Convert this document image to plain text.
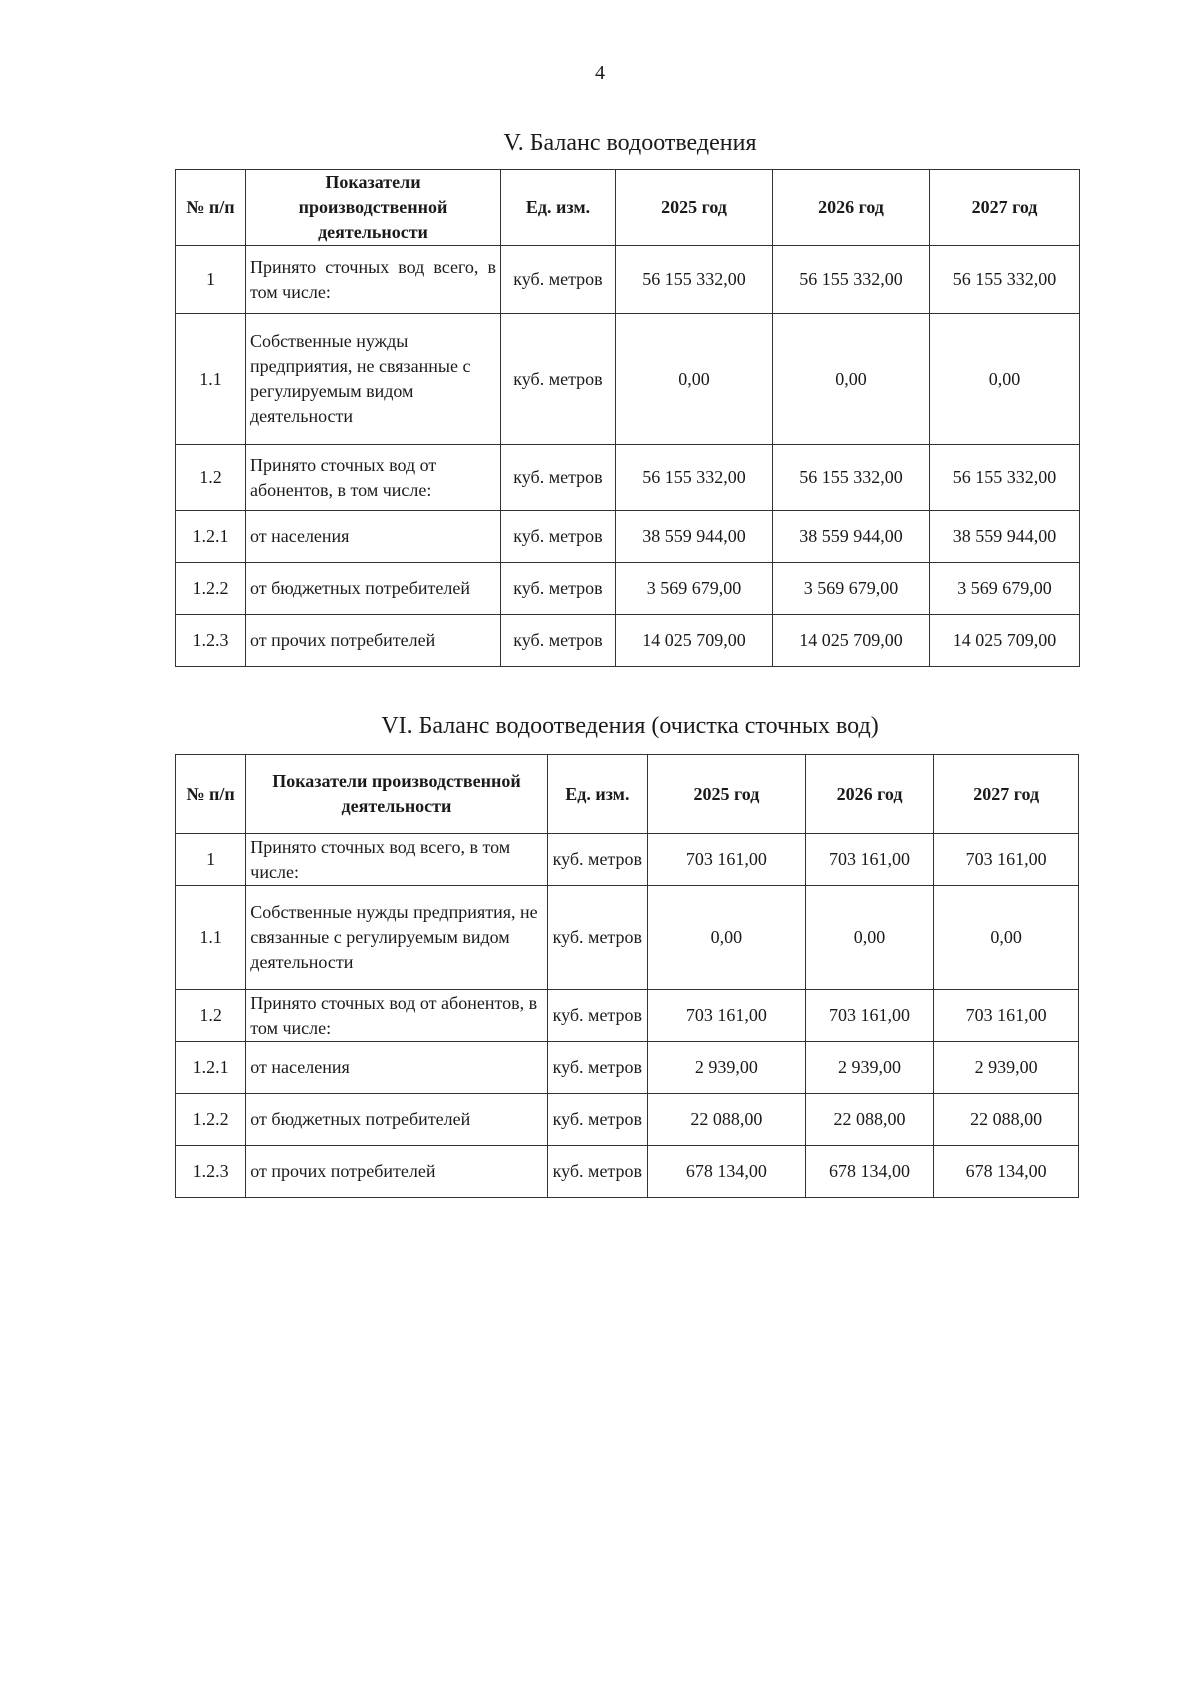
4
V. Баланс водоотведения
№ п/п	Показатели производственной деятельности	Ед. изм.	2025 год	2026 год	2027 год
1	Принято сточных вод всего, в том числе:	куб. метров	56 155 332,00	56 155 332,00	56 155 332,00
1.1	Собственные нужды предприятия, не связанные с регулируемым видом деятельности	куб. метров	0,00	0,00	0,00
1.2	Принято сточных вод от абонентов, в том числе:	куб. метров	56 155 332,00	56 155 332,00	56 155 332,00
1.2.1	от населения	куб. метров	38 559 944,00	38 559 944,00	38 559 944,00
1.2.2	от бюджетных потребителей	куб. метров	3 569 679,00	3 569 679,00	3 569 679,00
1.2.3	от прочих потребителей	куб. метров	14 025 709,00	14 025 709,00	14 025 709,00
VI. Баланс водоотведения (очистка сточных вод)
№ п/п	Показатели производственной деятельности	Ед. изм.	2025 год	2026 год	2027 год
1	Принято сточных вод всего, в том числе:	куб. метров	703 161,00	703 161,00	703 161,00
1.1	Собственные нужды предприятия, не связанные с регулируемым видом деятельности	куб. метров	0,00	0,00	0,00
1.2	Принято сточных вод от абонентов, в том числе:	куб. метров	703 161,00	703 161,00	703 161,00
1.2.1	от населения	куб. метров	2 939,00	2 939,00	2 939,00
1.2.2	от бюджетных потребителей	куб. метров	22 088,00	22 088,00	22 088,00
1.2.3	от прочих потребителей	куб. метров	678 134,00	678 134,00	678 134,00
